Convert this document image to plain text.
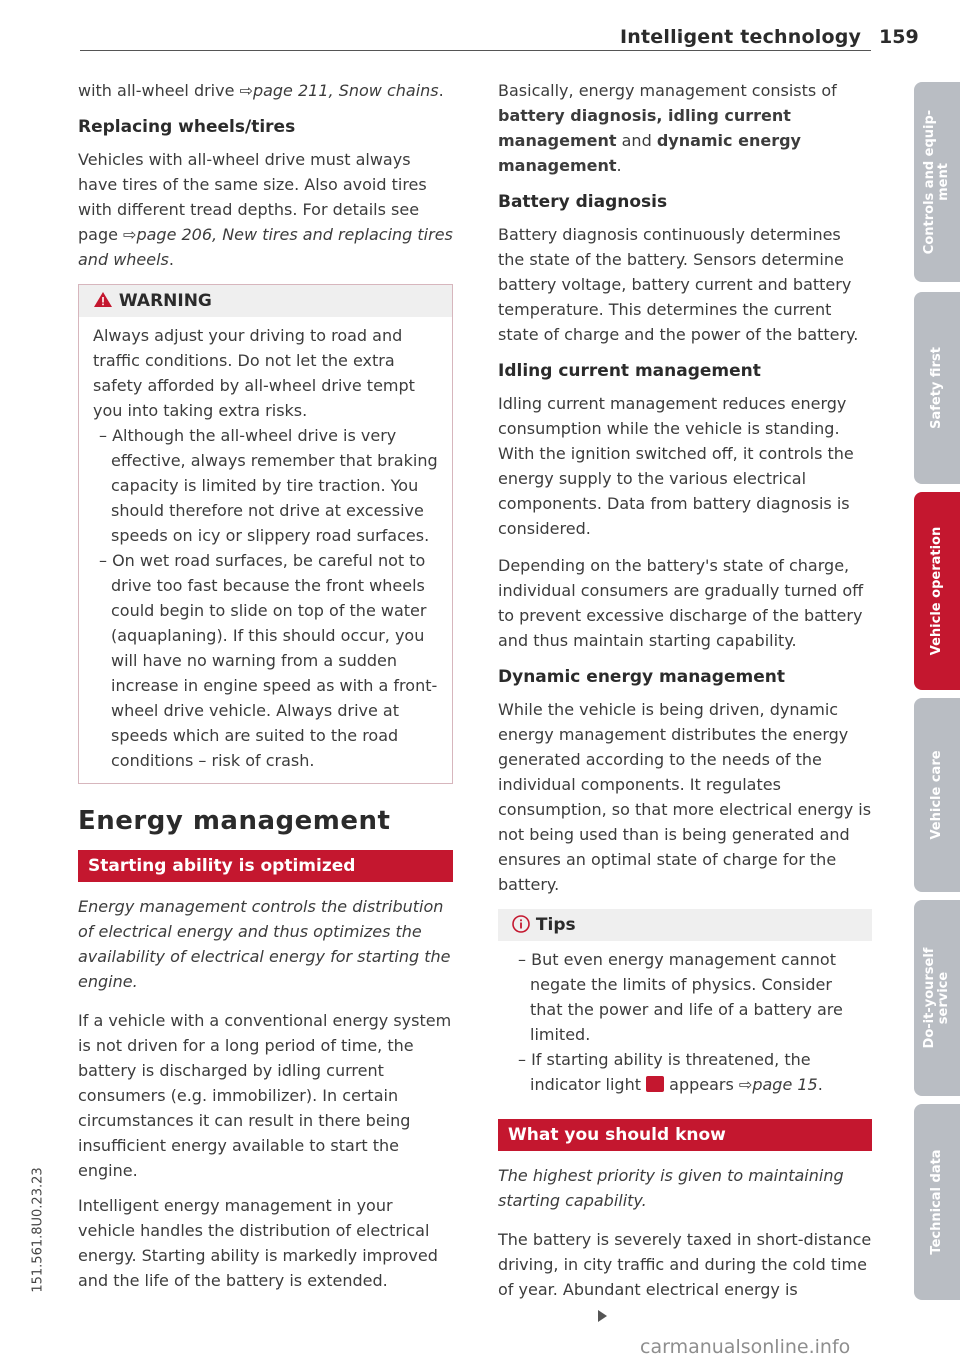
Intelligent technology 159

with all-wheel drive ⇨page 211, Snow chains.

Replacing wheels/tires

Vehicles with all-wheel drive must always have tires of the same size. Also avoid tires with different tread depths. For details see page ⇨page 206, New tires and replacing tires and wheels.

WARNING

Always adjust your driving to road and traffic conditions. Do not let the extra safety afforded by all-wheel drive tempt you into taking extra risks.

– Although the all-wheel drive is very effective, always remember that braking capacity is limited by tire traction. You should therefore not drive at excessive speeds on icy or slippery road surfaces.

– On wet road surfaces, be careful not to drive too fast because the front wheels could begin to slide on top of the water (aquaplaning). If this should occur, you will have no warning from a sudden increase in engine speed as with a front-wheel drive vehicle. Always drive at speeds which are suited to the road conditions – risk of crash.

Energy management
Starting ability is optimized

Energy management controls the distribution of electrical energy and thus optimizes the availability of electrical energy for starting the engine.

If a vehicle with a conventional energy system is not driven for a long period of time, the battery is discharged by idling current consumers (e.g. immobilizer). In certain circumstances it can result in there being insufficient energy available to start the engine.

Intelligent energy management in your vehicle handles the distribution of electrical energy. Starting ability is markedly improved and the life of the battery is extended.

Basically, energy management consists of battery diagnosis, idling current management and dynamic energy management.

Battery diagnosis

Battery diagnosis continuously determines the state of the battery. Sensors determine battery voltage, battery current and battery temperature. This determines the current state of charge and the power of the battery.

Idling current management

Idling current management reduces energy consumption while the vehicle is standing. With the ignition switched off, it controls the energy supply to the various electrical components. Data from battery diagnosis is considered.

Depending on the battery's state of charge, individual consumers are gradually turned off to prevent excessive discharge of the battery and thus maintain starting capability.

Dynamic energy management

While the vehicle is being driven, dynamic energy management distributes the energy generated according to the needs of the individual components. It regulates consumption, so that more electrical energy is not being used than is being generated and ensures an optimal state of charge for the battery.

Tips

– But even energy management cannot negate the limits of physics. Consider that the power and life of a battery are limited.

– If starting ability is threatened, the indicator light  appears ⇨page 15.

What you should know

The highest priority is given to maintaining starting capability.

The battery is severely taxed in short-distance driving, in city traffic and during the cold time of year. Abundant electrical energy is

Controls and equip-
ment
Safety first
Vehicle operation
Vehicle care
Do-it-yourself
service
Technical data
151.561.8U0.23.23
carmanualsonline.info
